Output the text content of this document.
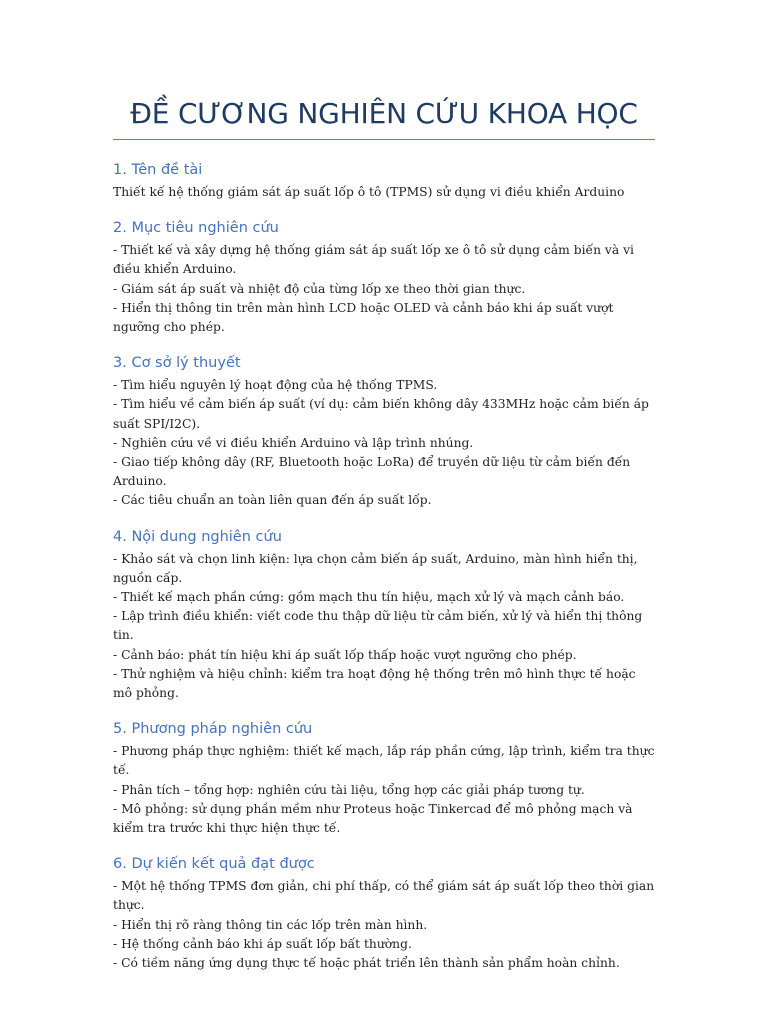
ĐỀ CƯƠNG NGHIÊN CỨU KHOA HỌC
1. Tên đề tài

Thiết kế hệ thống giám sát áp suất lốp ô tô (TPMS) sử dụng vi điều khiển Arduino

2. Mục tiêu nghiên cứu

- Thiết kế và xây dựng hệ thống giám sát áp suất lốp xe ô tô sử dụng cảm biến và vi điều khiển Arduino.

- Giám sát áp suất và nhiệt độ của từng lốp xe theo thời gian thực.

- Hiển thị thông tin trên màn hình LCD hoặc OLED và cảnh báo khi áp suất vượt ngưỡng cho phép.

3. Cơ sở lý thuyết

- Tìm hiểu nguyên lý hoạt động của hệ thống TPMS.

- Tìm hiểu về cảm biến áp suất (ví dụ: cảm biến không dây 433MHz hoặc cảm biến áp suất SPI/I2C).

- Nghiên cứu về vi điều khiển Arduino và lập trình nhúng.

- Giao tiếp không dây (RF, Bluetooth hoặc LoRa) để truyền dữ liệu từ cảm biến đến Arduino.

- Các tiêu chuẩn an toàn liên quan đến áp suất lốp.

4. Nội dung nghiên cứu

- Khảo sát và chọn linh kiện: lựa chọn cảm biến áp suất, Arduino, màn hình hiển thị, nguồn cấp.

- Thiết kế mạch phần cứng: gồm mạch thu tín hiệu, mạch xử lý và mạch cảnh báo.

- Lập trình điều khiển: viết code thu thập dữ liệu từ cảm biến, xử lý và hiển thị thông tin.

- Cảnh báo: phát tín hiệu khi áp suất lốp thấp hoặc vượt ngưỡng cho phép.

- Thử nghiệm và hiệu chỉnh: kiểm tra hoạt động hệ thống trên mô hình thực tế hoặc mô phỏng.

5. Phương pháp nghiên cứu

- Phương pháp thực nghiệm: thiết kế mạch, lắp ráp phần cứng, lập trình, kiểm tra thực tế.

- Phân tích – tổng hợp: nghiên cứu tài liệu, tổng hợp các giải pháp tương tự.

- Mô phỏng: sử dụng phần mềm như Proteus hoặc Tinkercad để mô phỏng mạch và kiểm tra trước khi thực hiện thực tế.

6. Dự kiến kết quả đạt được

- Một hệ thống TPMS đơn giản, chi phí thấp, có thể giám sát áp suất lốp theo thời gian thực.

- Hiển thị rõ ràng thông tin các lốp trên màn hình.

- Hệ thống cảnh báo khi áp suất lốp bất thường.

- Có tiềm năng ứng dụng thực tế hoặc phát triển lên thành sản phẩm hoàn chỉnh.
